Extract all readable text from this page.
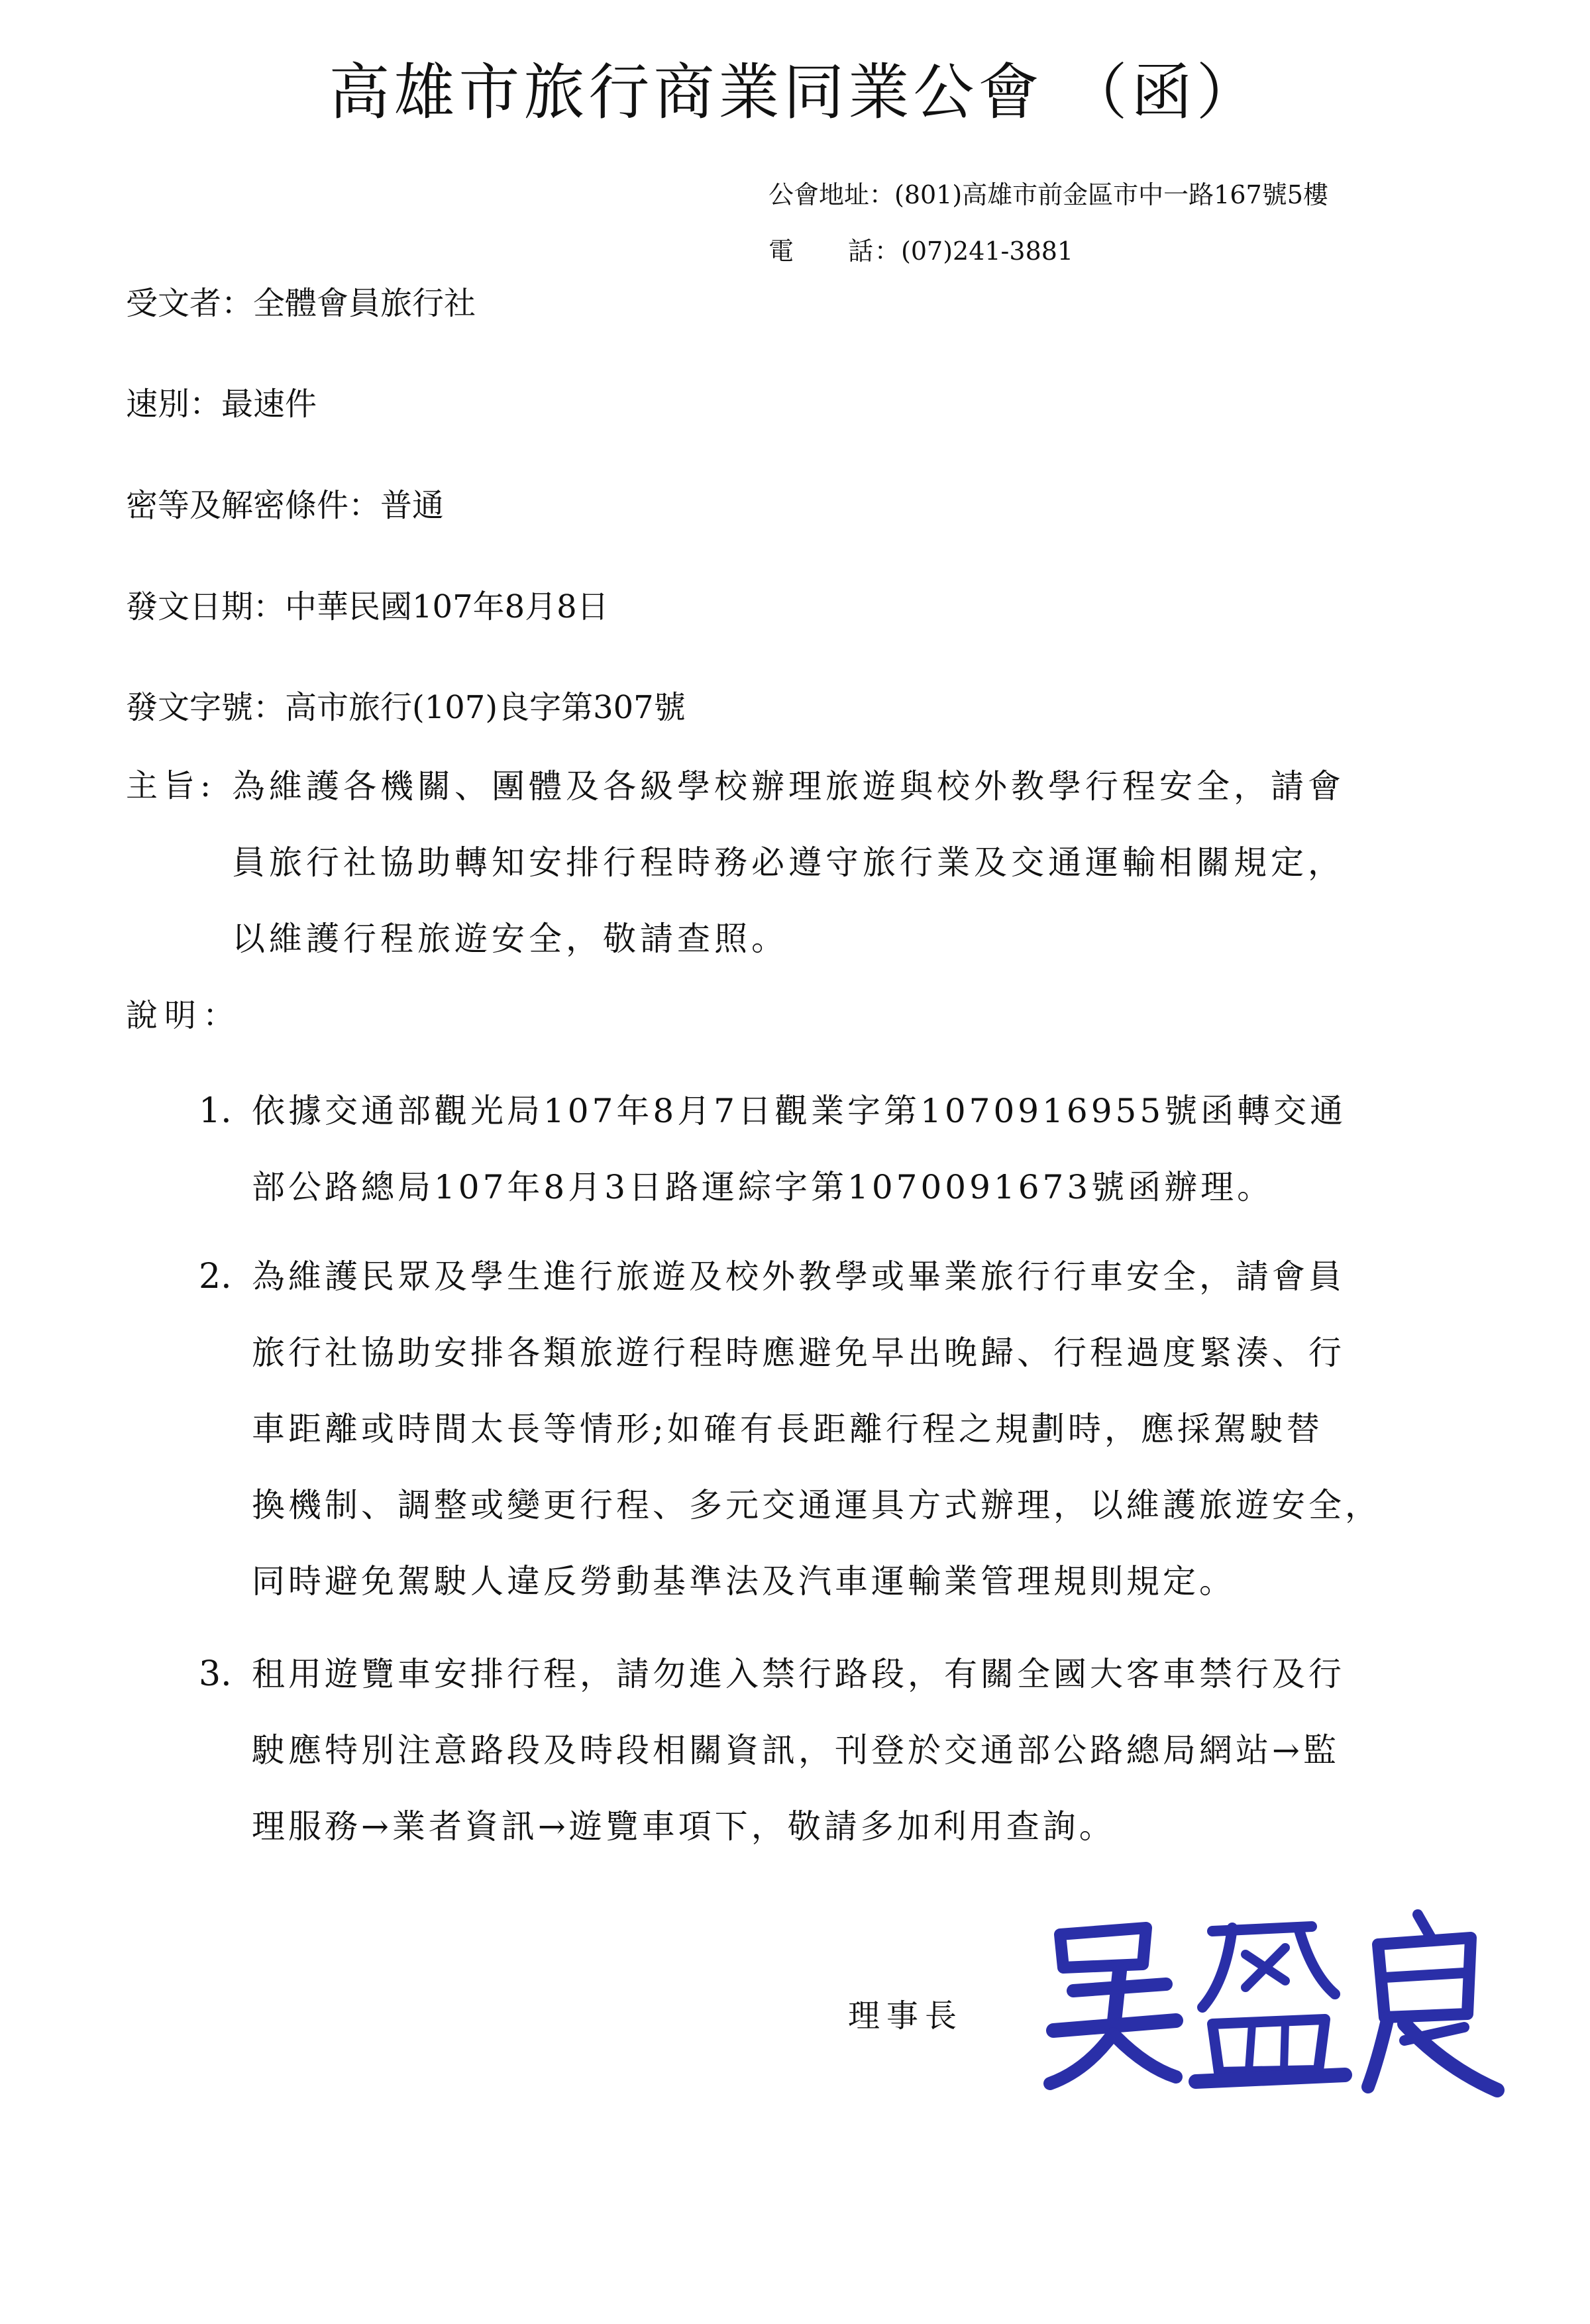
高雄市旅行商業同業公會 （函）
公會地址：(801)高雄市前金區市中一路167號5樓
電　　話：(07)241-3881
受文者：全體會員旅行社
速別：最速件
密等及解密條件：普通
發文日期：中華民國107年8月8日
發文字號：高市旅行(107)良字第307號
主旨: 為維護各機關、團體及各級學校辦理旅遊與校外教學行程安全，請會
員旅行社協助轉知安排行程時務必遵守旅行業及交通運輸相關規定，
以維護行程旅遊安全，敬請查照。
說明：
1. 依據交通部觀光局107年8月7日觀業字第1070916955號函轉交通
部公路總局107年8月3日路運綜字第1070091673號函辦理。
2. 為維護民眾及學生進行旅遊及校外教學或畢業旅行行車安全，請會員
旅行社協助安排各類旅遊行程時應避免早出晚歸、行程過度緊湊、行
車距離或時間太長等情形;如確有長距離行程之規劃時，應採駕駛替
換機制、調整或變更行程、多元交通運具方式辦理，以維護旅遊安全，
同時避免駕駛人違反勞動基準法及汽車運輸業管理規則規定。
3. 租用遊覽車安排行程，請勿進入禁行路段，有關全國大客車禁行及行
駛應特別注意路段及時段相關資訊，刊登於交通部公路總局網站→監
理服務→業者資訊→遊覽車項下，敬請多加利用查詢。
理事長
